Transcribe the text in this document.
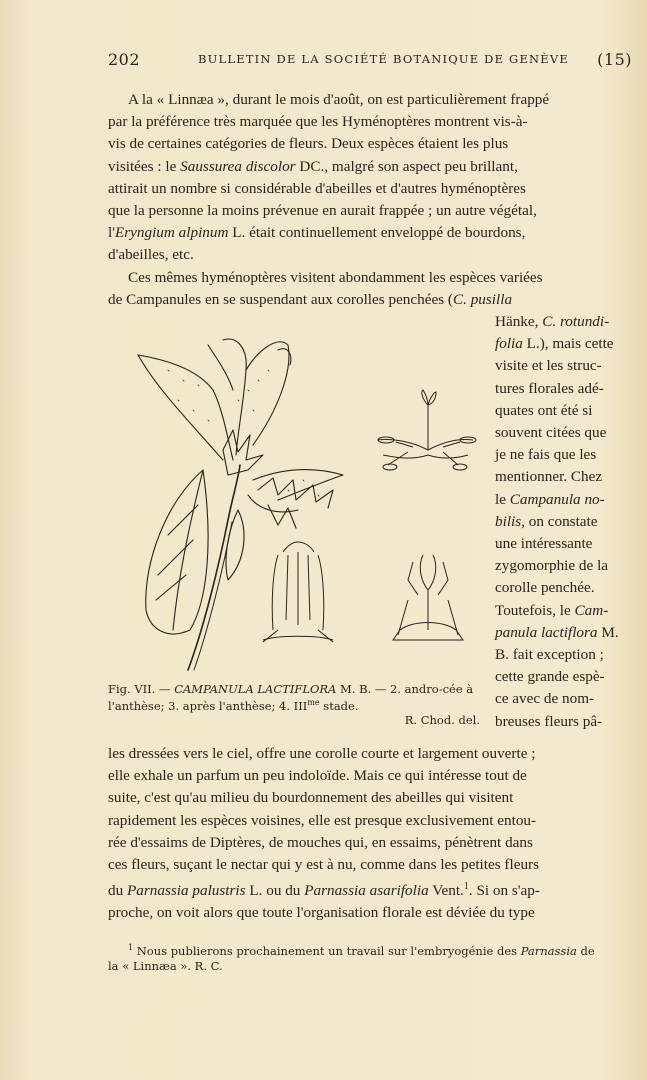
202	BULLETIN DE LA SOCIÉTÉ BOTANIQUE DE GENÈVE (15)
A la « Linnæa », durant le mois d'août, on est particulièrement frappé
par la préférence très marquée que les Hyménoptères montrent vis-à-
vis de certaines catégories de fleurs. Deux espèces étaient les plus
visitées : le Saussurea discolor DC., malgré son aspect peu brillant,
attirait un nombre si considérable d'abeilles et d'autres hyménoptères
que la personne la moins prévenue en aurait frappée ; un autre végétal,
l'Eryngium alpinum L. était continuellement enveloppé de bourdons,
d'abeilles, etc.
Ces mêmes hyménoptères visitent abondamment les espèces variées
de Campanules en se suspendant aux corolles penchées (C. pusilla
Hänke, C. rotundi-
folia L.), mais cette
visite et les struc-
tures florales adé-
quates ont été si
souvent citées que
je ne fais que les
mentionner. Chez
le Campanula no-
bilis, on constate
une intéressante
zygomorphie de la
corolle penchée.
Toutefois, le Cam-
panula lactiflora M.
B. fait exception ;
cette grande espè-
ce avec de nom-
breuses fleurs pâ-
Fig. VII. — CAMPANULA LACTIFLORA M. B. — 2. andro-cée à l'anthèse; 3. après l'anthèse; 4. $III^{me}$ stade.
R. Chod. del.
les dressées vers le ciel, offre une corolle courte et largement ouverte ;
elle exhale un parfum un peu indoloïde. Mais ce qui intéresse tout de
suite, c'est qu'au milieu du bourdonnement des abeilles qui visitent
rapidement les espèces voisines, elle est presque exclusivement entou-
rée d'essaims de Diptères, de mouches qui, en essaims, pénètrent dans
ces fleurs, suçant le nectar qui y est à nu, comme dans les petites fleurs
du Parnassia palustris L. ou du Parnassia asarifolia Vent.$^1$. Si on s'ap-
proche, on voit alors que toute l'organisation florale est déviée du type
$^1$ Nous publierons prochainement un travail sur l'embryogénie des Parnassia de
la « Linnæa ». R. C.
